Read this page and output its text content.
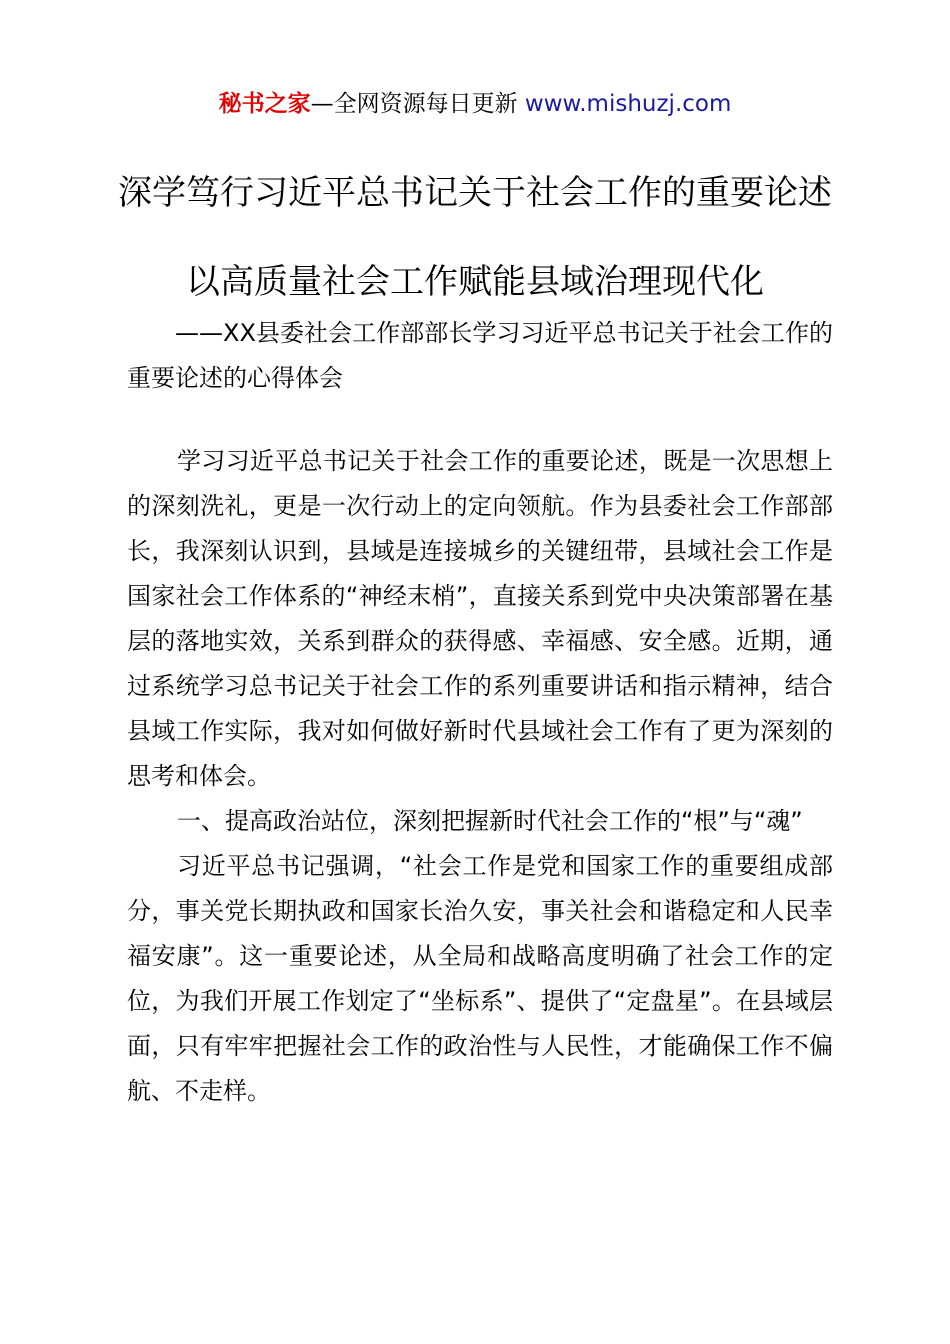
秘书之家—全网资源每日更新 www.mishuzj.com
深学笃行习近平总书记关于社会工作的重要论述
以高质量社会工作赋能县域治理现代化
——XX县委社会工作部部长学习习近平总书记关于社会工作的重要论述的心得体会

学习习近平总书记关于社会工作的重要论述，既是一次思想上的深刻洗礼，更是一次行动上的定向领航。作为县委社会工作部部长，我深刻认识到，县域是连接城乡的关键纽带，县域社会工作是国家社会工作体系的“神经末梢”，直接关系到党中央决策部署在基层的落地实效，关系到群众的获得感、幸福感、安全感。近期，通过系统学习总书记关于社会工作的系列重要讲话和指示精神，结合县域工作实际，我对如何做好新时代县域社会工作有了更为深刻的思考和体会。

一、提高政治站位，深刻把握新时代社会工作的“根”与“魂”

习近平总书记强调，“社会工作是党和国家工作的重要组成部分，事关党长期执政和国家长治久安，事关社会和谐稳定和人民幸福安康”。这一重要论述，从全局和战略高度明确了社会工作的定位，为我们开展工作划定了“坐标系”、提供了“定盘星”。在县域层面，只有牢牢把握社会工作的政治性与人民性，才能确保工作不偏航、不走样。
